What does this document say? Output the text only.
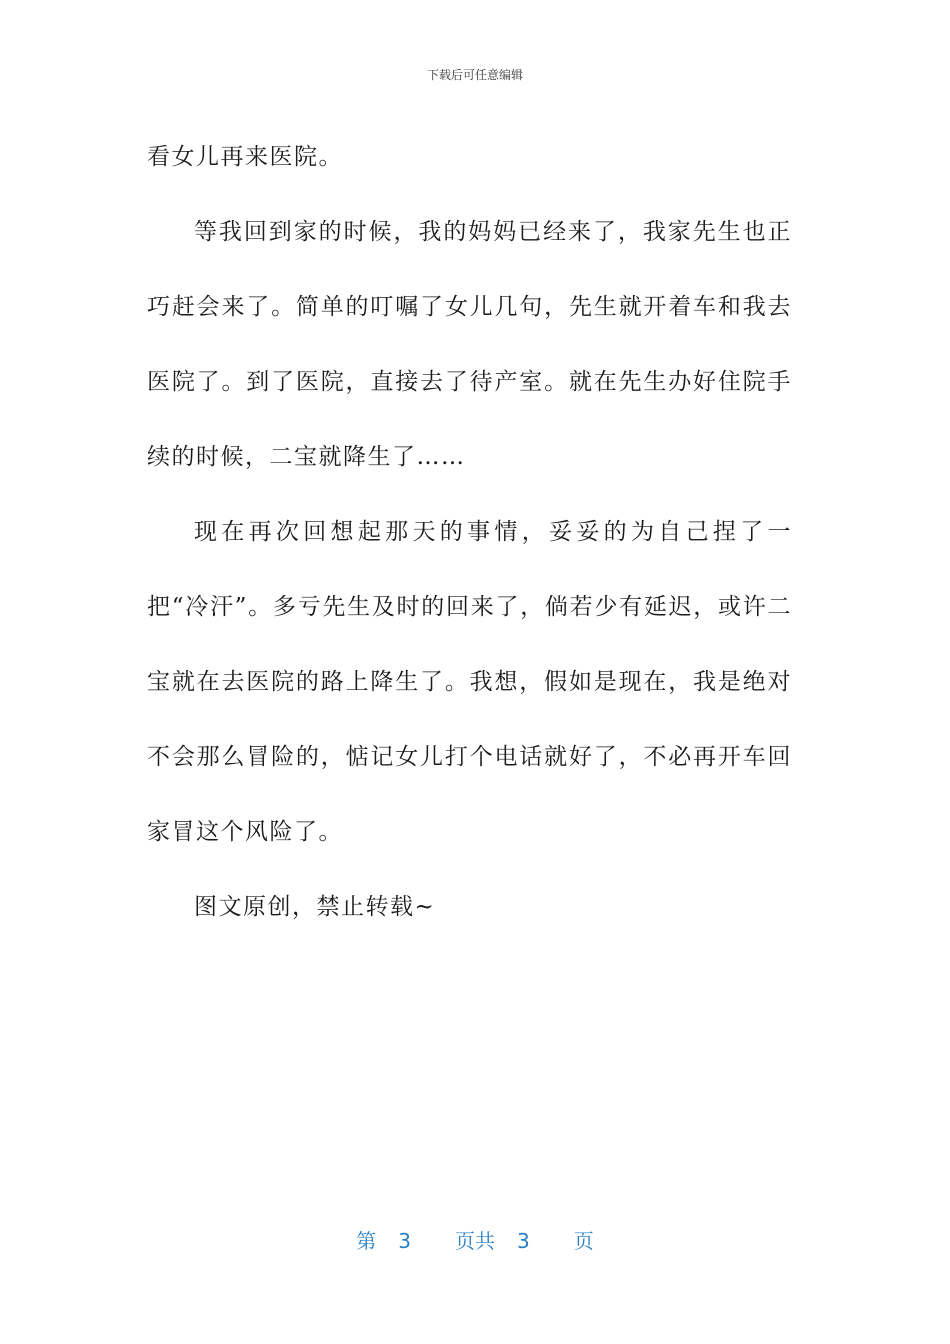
下载后可任意编辑

看女儿再来医院。

等我回到家的时候，我的妈妈已经来了，我家先生也正巧赶会来了。简单的叮嘱了女儿几句，先生就开着车和我去医院了。到了医院，直接去了待产室。就在先生办好住院手续的时候，二宝就降生了……

现在再次回想起那天的事情，妥妥的为自己捏了一把“冷汗”。多亏先生及时的回来了，倘若少有延迟，或许二宝就在去医院的路上降生了。我想，假如是现在，我是绝对不会那么冒险的，惦记女儿打个电话就好了，不必再开车回家冒这个风险了。

图文原创，禁止转载~

第 3 页共 3 页
